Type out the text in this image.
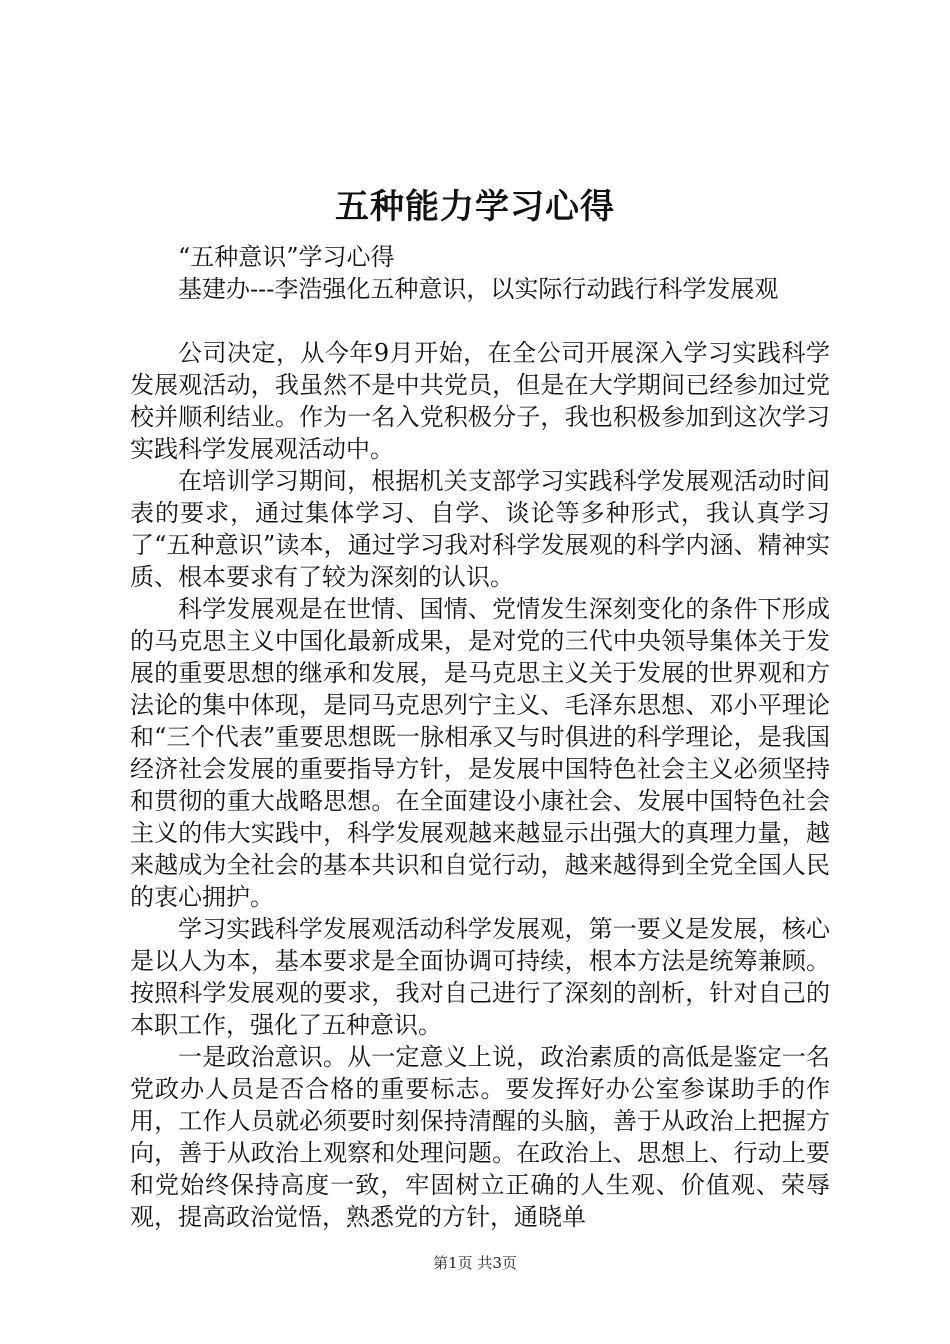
五种能力学习心得

“五种意识”学习心得

基建办---李浩强化五种意识，以实际行动践行科学发展观

公司决定，从今年9月开始，在全公司开展深入学习实践科学发展观活动，我虽然不是中共党员，但是在大学期间已经参加过党校并顺利结业。作为一名入党积极分子，我也积极参加到这次学习实践科学发展观活动中。

在培训学习期间，根据机关支部学习实践科学发展观活动时间表的要求，通过集体学习、自学、谈论等多种形式，我认真学习了“五种意识”读本，通过学习我对科学发展观的科学内涵、精神实质、根本要求有了较为深刻的认识。

科学发展观是在世情、国情、党情发生深刻变化的条件下形成的马克思主义中国化最新成果，是对党的三代中央领导集体关于发展的重要思想的继承和发展，是马克思主义关于发展的世界观和方法论的集中体现，是同马克思列宁主义、毛泽东思想、邓小平理论和“三个代表”重要思想既一脉相承又与时俱进的科学理论，是我国经济社会发展的重要指导方针，是发展中国特色社会主义必须坚持和贯彻的重大战略思想。在全面建设小康社会、发展中国特色社会主义的伟大实践中，科学发展观越来越显示出强大的真理力量，越来越成为全社会的基本共识和自觉行动，越来越得到全党全国人民的衷心拥护。

学习实践科学发展观活动科学发展观，第一要义是发展，核心是以人为本，基本要求是全面协调可持续，根本方法是统筹兼顾。按照科学发展观的要求，我对自己进行了深刻的剖析，针对自己的本职工作，强化了五种意识。

一是政治意识。从一定意义上说，政治素质的高低是鉴定一名党政办人员是否合格的重要标志。要发挥好办公室参谋助手的作用，工作人员就必须要时刻保持清醒的头脑，善于从政治上把握方向，善于从政治上观察和处理问题。在政治上、思想上、行动上要和党始终保持高度一致，牢固树立正确的人生观、价值观、荣辱观，提高政治觉悟，熟悉党的方针，通晓单

第1页 共3页
